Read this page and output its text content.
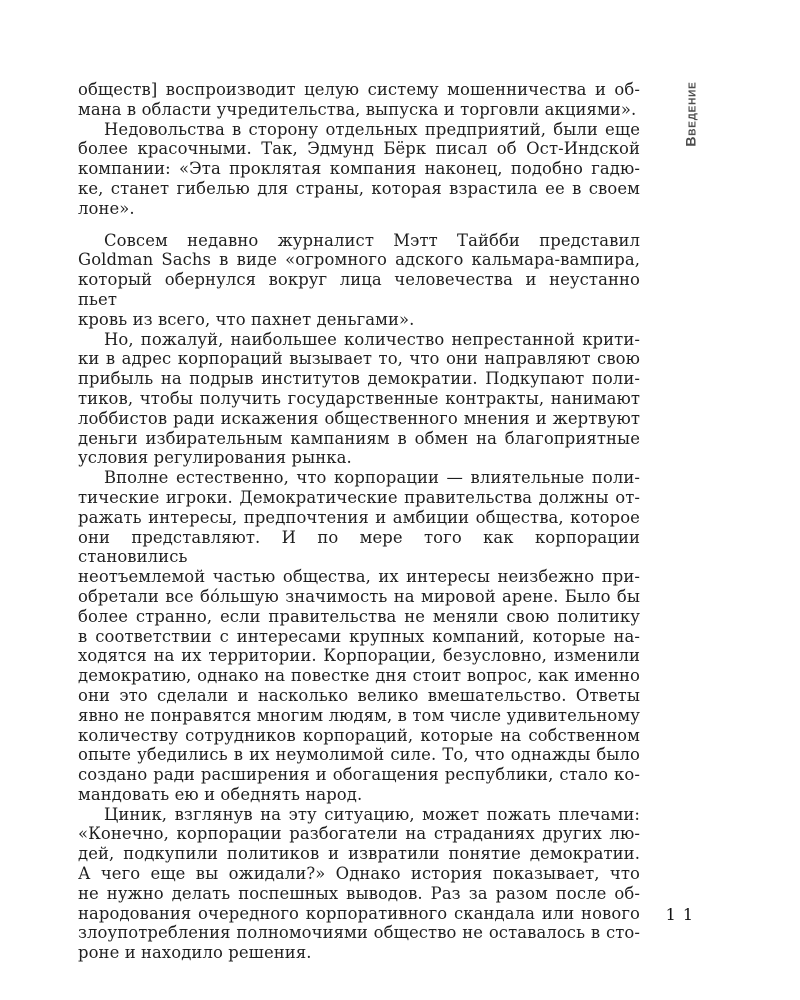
обществ] воспроизводит целую систему мошенничества и об-
мана в области учредительства, выпуска и торговли акциями».
Недовольства в сторону отдельных предприятий, были еще
более красочными. Так, Эдмунд Бёрк писал об Ост-Индской
компании: «Эта проклятая компания наконец, подобно гадю-
ке, станет гибелью для страны, которая взрастила ее в своем
лоне».
Совсем недавно журналист Мэтт Тайбби представил
Goldman Sachs в виде «огромного адского кальмара-вампира,
который обернулся вокруг лица человечества и неустанно пьет
кровь из всего, что пахнет деньгами».
Но, пожалуй, наибольшее количество непрестанной крити-
ки в адрес корпораций вызывает то, что они направляют свою
прибыль на подрыв институтов демократии. Подкупают поли-
тиков, чтобы получить государственные контракты, нанимают
лоббистов ради искажения общественного мнения и жертвуют
деньги избирательным кампаниям в обмен на благоприятные
условия регулирования рынка.
Вполне естественно, что корпорации — влиятельные поли-
тические игроки. Демократические правительства должны от-
ражать интересы, предпочтения и амбиции общества, которое
они представляют. И по мере того как корпорации становились
неотъемлемой частью общества, их интересы неизбежно при-
обретали все бо́льшую значимость на мировой арене. Было бы
более странно, если правительства не меняли свою политику
в соответствии с интересами крупных компаний, которые на-
ходятся на их территории. Корпорации, безусловно, изменили
демократию, однако на повестке дня стоит вопрос, как именно
они это сделали и насколько велико вмешательство. Ответы
явно не понравятся многим людям, в том числе удивительному
количеству сотрудников корпораций, которые на собственном
опыте убедились в их неумолимой силе. То, что однажды было
создано ради расширения и обогащения республики, стало ко-
мандовать ею и обеднять народ.
Циник, взглянув на эту ситуацию, может пожать плечами:
«Конечно, корпорации разбогатели на страданиях других лю-
дей, подкупили политиков и извратили понятие демократии.
А чего еще вы ожидали?» Однако история показывает, что
не нужно делать поспешных выводов. Раз за разом после об-
народования очередного корпоративного скандала или нового
злоупотребления полномочиями общество не оставалось в сто-
роне и находило решения.
Введение
11
